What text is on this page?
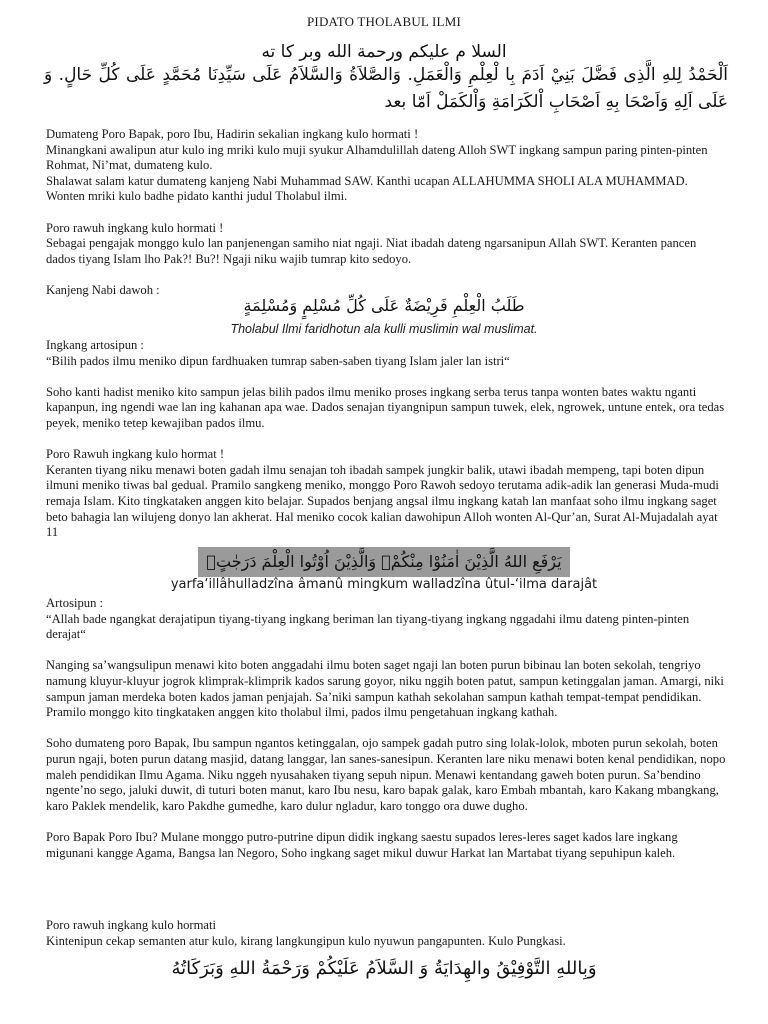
PIDATO THOLABUL ILMI
السلا م عليكم ورحمة الله وبر كا ته
اَلْحَمْدُ لِلهِ الَّذِى فَضَّلَ بَنِيْ اَدَمَ بِا لْعِلْمِ وَالْعَمَلِ. وَالصَّلاَةُ وَالسَّلاَمُ عَلَى سَيِّدِنَا مُحَمَّدٍ عَلَى كُلِّ حَالٍ. وَ عَلَى اَلِهِ وَاَصْحَا بِهِ اَصْحَابِ اْلكَرَامَةِ وَاْلكَمَلْ اَمّا بعد

Dumateng Poro Bapak, poro Ibu, Hadirin sekalian ingkang kulo hormati !

Minangkani awalipun atur kulo ing mriki kulo muji syukur Alhamdulillah dateng Alloh SWT ingkang sampun paring pinten-pinten Rohmat, Ni’mat, dumateng kulo.

Shalawat salam katur dumateng kanjeng Nabi Muhammad SAW. Kanthi ucapan ALLAHUMMA SHOLI ALA MUHAMMAD. Wonten mriki kulo badhe pidato kanthi judul Tholabul ilmi.

Poro rawuh ingkang kulo hormati !

Sebagai pengajak monggo kulo lan panjenengan samiho niat ngaji. Niat ibadah dateng ngarsanipun Allah SWT. Keranten pancen dados tiyang Islam lho Pak?! Bu?! Ngaji niku wajib tumrap kito sedoyo.

Kanjeng Nabi dawoh :

طَلَبُ الْعِلْمِ فَرِيْضَةٌ عَلَى كُلِّ مُسْلِمٍ وَمُسْلِمَةٍ
Tholabul Ilmi faridhotun ala kulli muslimin wal muslimat.

Ingkang artosipun :

“Bilih pados ilmu meniko dipun fardhuaken tumrap saben-saben tiyang Islam jaler lan istri“

Soho kanti hadist meniko kito sampun jelas bilih pados ilmu meniko proses ingkang serba terus tanpa wonten bates waktu nganti kapanpun, ing ngendi wae lan ing kahanan apa wae. Dados senajan tiyangnipun sampun tuwek, elek, ngrowek, untune entek, ora tedas peyek, meniko tetep kewajiban pados ilmu.

Poro Rawuh ingkang kulo hormat !

Keranten tiyang niku menawi boten gadah ilmu senajan toh ibadah sampek jungkir balik, utawi ibadah mempeng, tapi boten dipun ilmuni meniko tiwas bal gedual. Pramilo sangkeng meniko, monggo Poro Rawoh sedoyo terutama adik-adik lan generasi Muda-mudi remaja Islam. Kito tingkataken anggen kito belajar. Supados benjang angsal ilmu ingkang katah lan manfaat soho ilmu ingkang saget beto bahagia lan wilujeng donyo lan akherat. Hal meniko cocok kalian dawohipun Alloh wonten Al-Qur’an, Surat Al-Mujadalah ayat 11

يَرْفَعِ اللهُ الَّذِيْنَ اٰمَنُوْا مِنْكُمْۙ وَالَّذِيْنَ اُوْتُوا الْعِلْمَ دَرَجٰتٍۗ
yarfa‘illâhulladzîna âmanû mingkum walladzîna ûtul-‘ilma darajât

Artosipun :

“Allah bade ngangkat derajatipun tiyang-tiyang ingkang beriman lan tiyang-tiyang ingkang nggadahi ilmu dateng pinten-pinten derajat“

Nanging sa’wangsulipun menawi kito boten anggadahi ilmu boten saget ngaji lan boten purun bibinau lan boten sekolah, tengriyo namung kluyur-kluyur jogrok klimprak-klimprik kados sarung goyor, niku nggih boten patut, sampun ketinggalan jaman. Amargi, niki sampun jaman merdeka boten kados jaman penjajah. Sa’niki sampun kathah sekolahan sampun kathah tempat-tempat pendidikan. Pramilo monggo kito tingkataken anggen kito tholabul ilmi, pados ilmu pengetahuan ingkang kathah.

Soho dumateng poro Bapak, Ibu sampun ngantos ketinggalan, ojo sampek gadah putro sing lolak-lolok, mboten purun sekolah, boten purun ngaji, boten purun datang masjid, datang langgar, lan sanes-sanesipun. Keranten lare niku menawi boten kenal pendidikan, nopo maleh pendidikan Ilmu Agama. Niku nggeh nyusahaken tiyang sepuh nipun. Menawi kentandang gaweh boten purun. Sa’bendino ngente’no sego, jaluki duwit, di tuturi boten manut, karo Ibu nesu, karo bapak galak, karo Embah mbantah, karo Kakang mbangkang, karo Paklek mendelik, karo Pakdhe gumedhe, karo dulur ngladur, karo tonggo ora duwe dugho.

Poro Bapak Poro Ibu? Mulane monggo putro-putrine dipun didik ingkang saestu supados leres-leres saget kados lare ingkang migunani kangge Agama, Bangsa lan Negoro, Soho ingkang saget mikul duwur Harkat lan Martabat tiyang sepuhipun kaleh.

Poro rawuh ingkang kulo hormati

Kintenipun cekap semanten atur kulo, kirang langkungipun kulo nyuwun pangapunten. Kulo Pungkasi.

وَبِاللهِ التَّوْفِيْقُ والهِدَايَةُ وَ السَّلاَمُ عَلَيْكُمْ وَرَحْمَةُ اللهِ وَبَرَكَاتُهُ
